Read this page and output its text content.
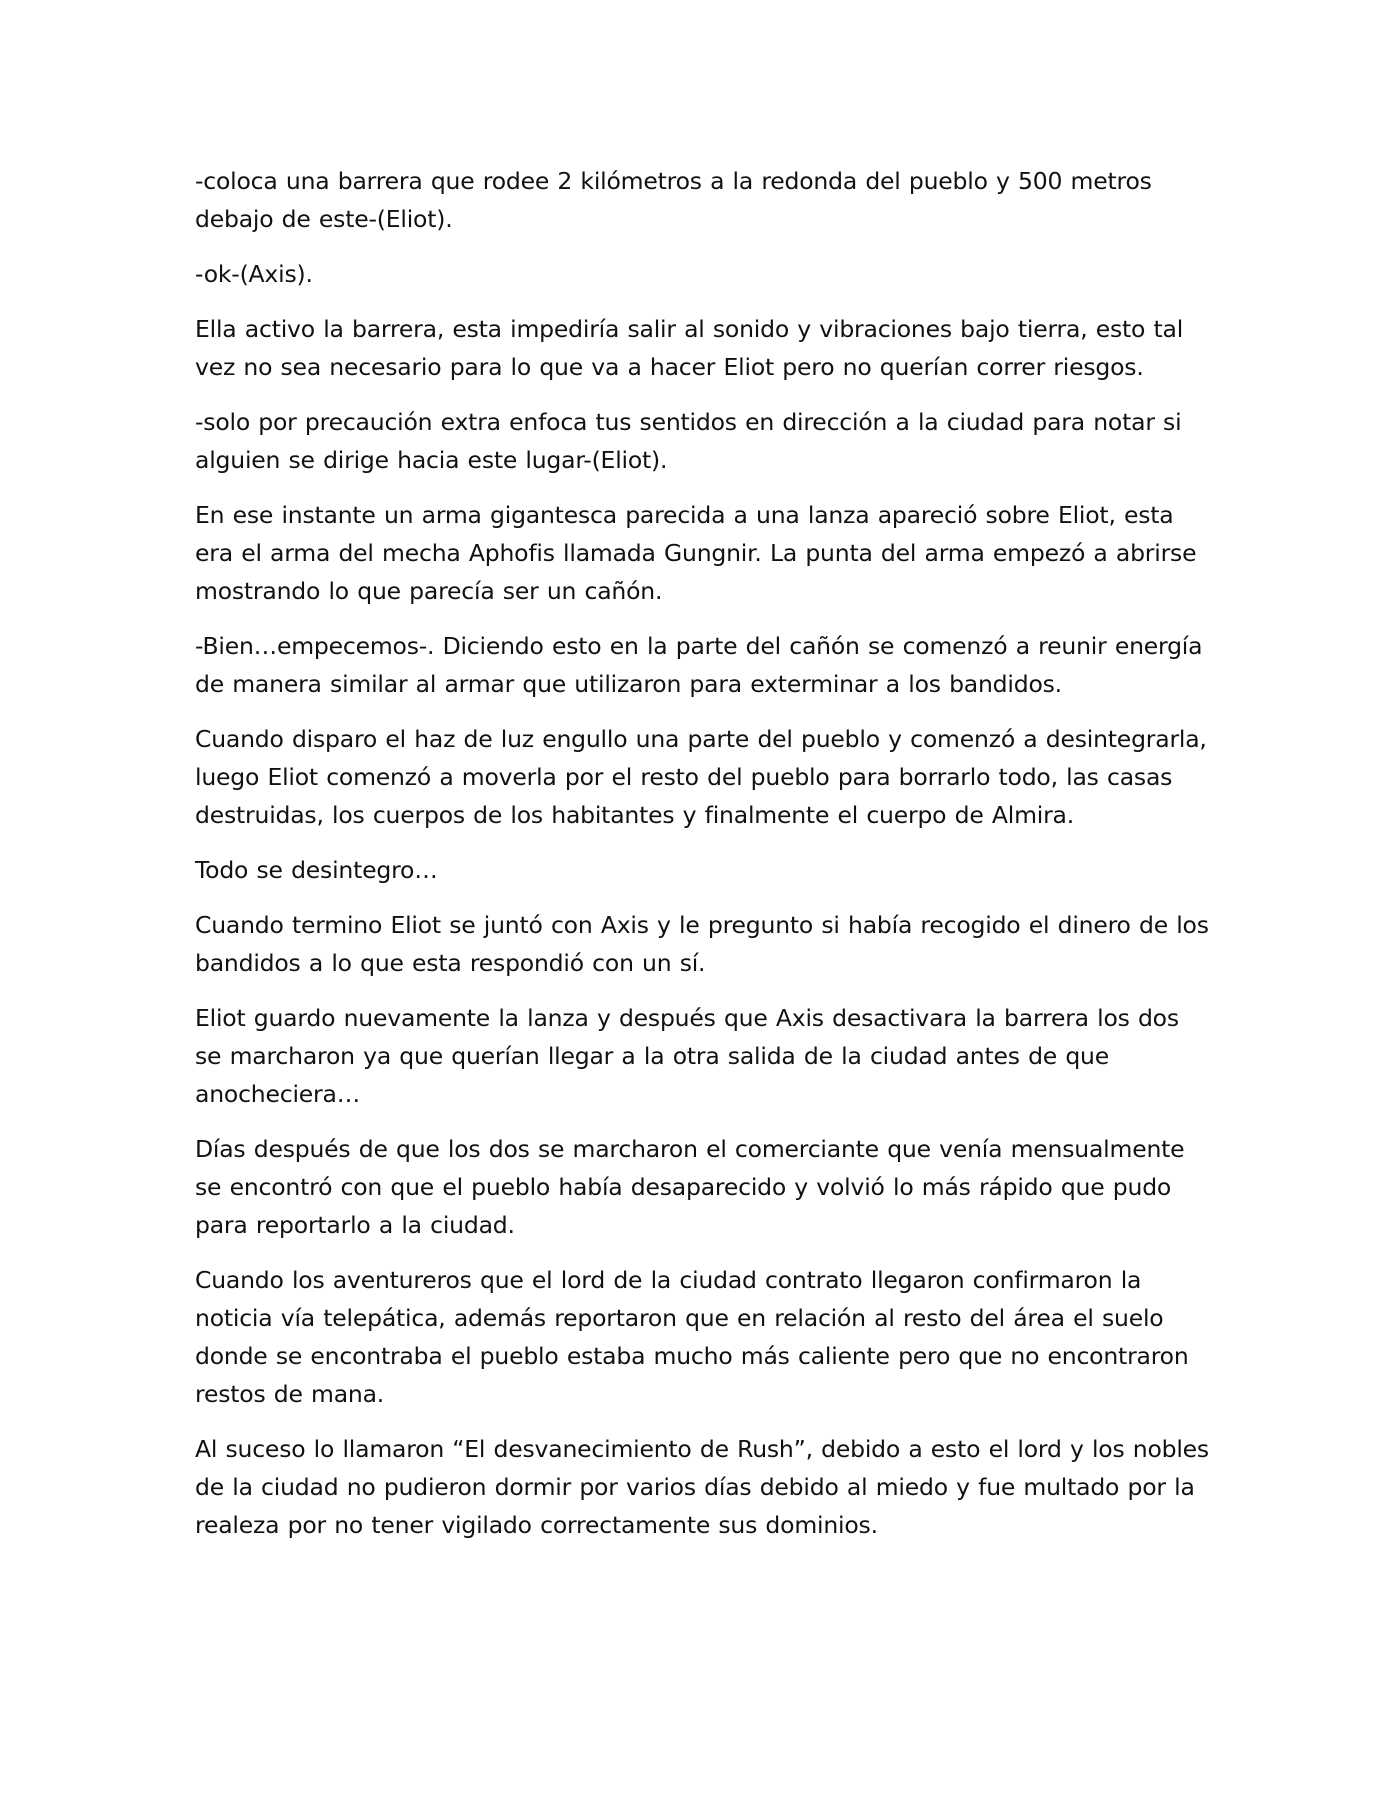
-coloca una barrera que rodee 2 kilómetros a la redonda del pueblo y 500 metros debajo de este-(Eliot).

-ok-(Axis).

Ella activo la barrera, esta impediría salir al sonido y vibraciones bajo tierra, esto tal vez no sea necesario para lo que va a hacer Eliot pero no querían correr riesgos.

-solo por precaución extra enfoca tus sentidos en dirección a la ciudad para notar si alguien se dirige hacia este lugar-(Eliot).

En ese instante un arma gigantesca parecida a una lanza apareció sobre Eliot, esta era el arma del mecha Aphofis llamada Gungnir. La punta del arma empezó a abrirse mostrando lo que parecía ser un cañón.

-Bien…empecemos-. Diciendo esto en la parte del cañón se comenzó a reunir energía de manera similar al armar que utilizaron para exterminar a los bandidos.

Cuando disparo el haz de luz engullo una parte del pueblo y comenzó a desintegrarla, luego Eliot comenzó a moverla por el resto del pueblo para borrarlo todo, las casas destruidas, los cuerpos de los habitantes y finalmente el cuerpo de Almira.

Todo se desintegro…

Cuando termino Eliot se juntó con Axis y le pregunto si había recogido el dinero de los bandidos a lo que esta respondió con un sí.

Eliot guardo nuevamente la lanza y después que Axis desactivara la barrera los dos se marcharon ya que querían llegar a la otra salida de la ciudad antes de que anocheciera…

Días después de que los dos se marcharon el comerciante que venía mensualmente se encontró con que el pueblo había desaparecido y volvió lo más rápido que pudo para reportarlo a la ciudad.

Cuando los aventureros que el lord de la ciudad contrato llegaron confirmaron la noticia vía telepática, además reportaron que en relación al resto del área el suelo donde se encontraba el pueblo estaba mucho más caliente pero que no encontraron restos de mana.

Al suceso lo llamaron “El desvanecimiento de Rush”, debido a esto el lord y los nobles de la ciudad no pudieron dormir por varios días debido al miedo y fue multado por la realeza por no tener vigilado correctamente sus dominios.
